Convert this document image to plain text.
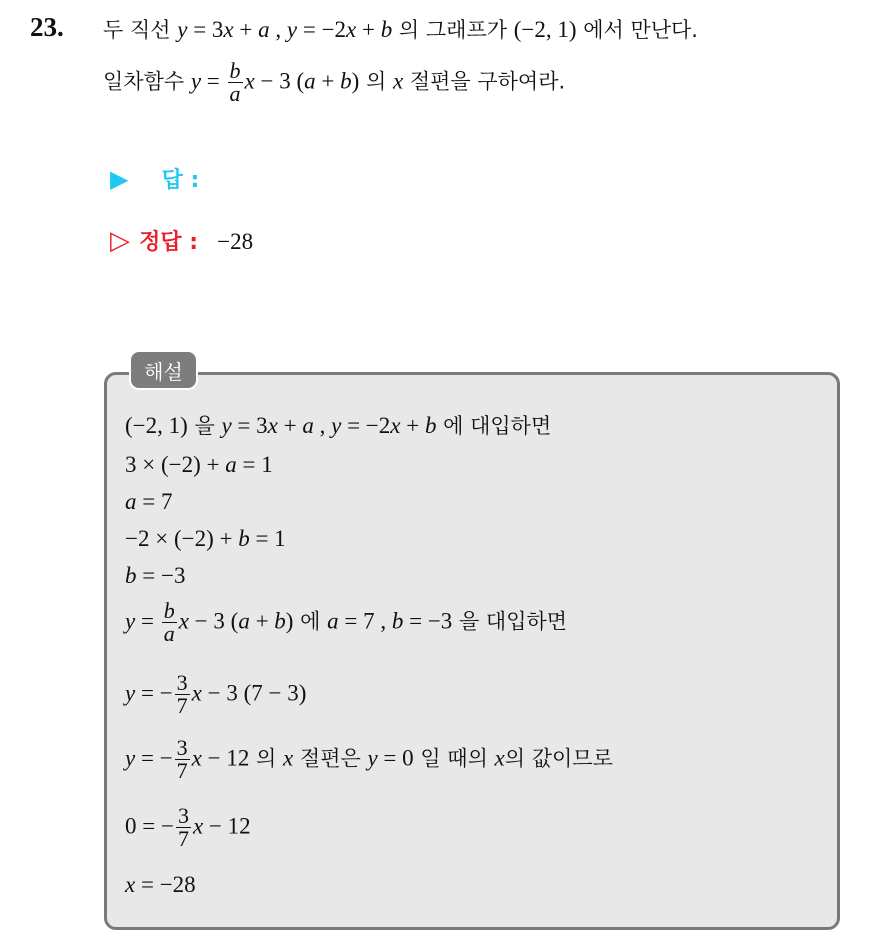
23. 두 직선 y = 3x + a , y = −2x + b 의 그래프가 (−2, 1) 에서 만난다.
일차함수 $y = \frac{b}{a}$ x − 3 (a + b) 의 x 절편을 구하여라.
▶ 답 :
▷ 정답 : −28
해설
(−2, 1) 을 y = 3x + a , y = −2x + b 에 대입하면
3 × (−2) + a = 1
a = 7
−2 × (−2) + b = 1
b = −3
$y = \frac{b}{a}$ x − 3 (a + b) 에 a = 7 , b = −3 을 대입하면
y = − $\frac{3}{7}$ x − 3 (7 − 3)
y = − $\frac{3}{7}$ x − 12 의 x 절편은 y = 0 일 때의 x의 값이므로
0 = − $\frac{3}{7}$ x − 12
x = −28
